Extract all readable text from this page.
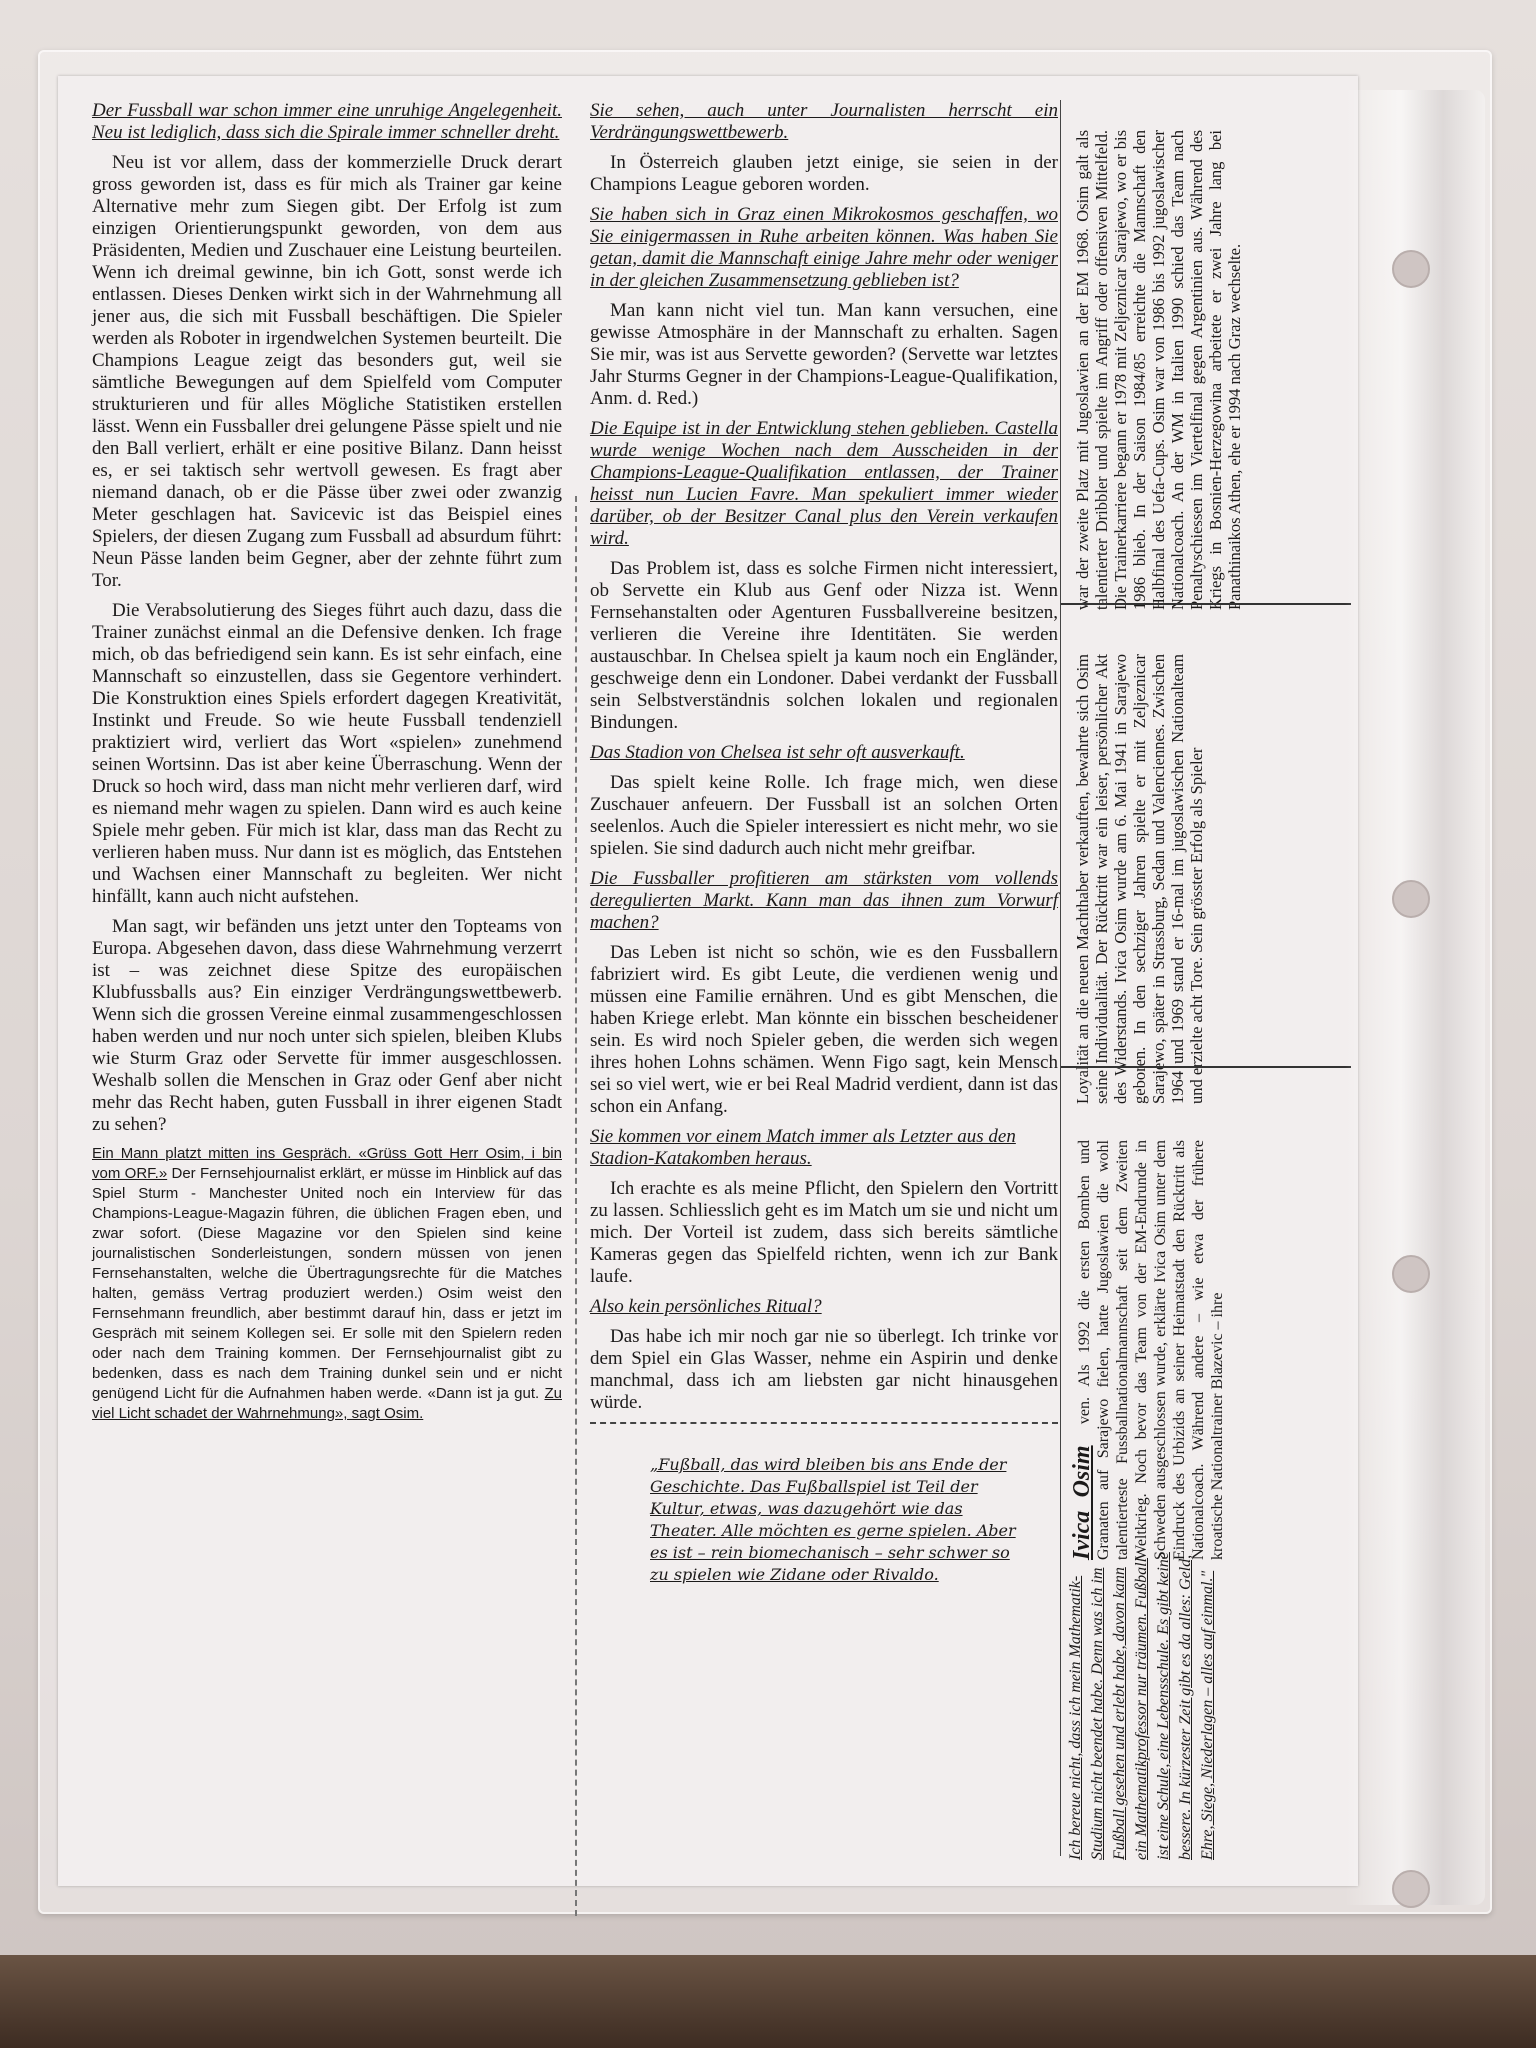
Der Fussball war schon immer eine unruhige Angelegenheit. Neu ist lediglich, dass sich die Spirale immer schneller dreht.

Neu ist vor allem, dass der kommerzielle Druck derart gross geworden ist, dass es für mich als Trainer gar keine Alternative mehr zum Siegen gibt. Der Erfolg ist zum einzigen Orientierungspunkt geworden, von dem aus Präsidenten, Medien und Zuschauer eine Leistung beurteilen. Wenn ich dreimal gewinne, bin ich Gott, sonst werde ich entlassen. Dieses Denken wirkt sich in der Wahrnehmung all jener aus, die sich mit Fussball beschäftigen. Die Spieler werden als Roboter in irgendwelchen Systemen beurteilt. Die Champions League zeigt das besonders gut, weil sie sämtliche Bewegungen auf dem Spielfeld vom Computer strukturieren und für alles Mögliche Statistiken erstellen lässt. Wenn ein Fussballer drei gelungene Pässe spielt und nie den Ball verliert, erhält er eine positive Bilanz. Dann heisst es, er sei taktisch sehr wertvoll gewesen. Es fragt aber niemand danach, ob er die Pässe über zwei oder zwanzig Meter geschlagen hat. Savicevic ist das Beispiel eines Spielers, der diesen Zugang zum Fussball ad absurdum führt: Neun Pässe landen beim Gegner, aber der zehnte führt zum Tor.

Die Verabsolutierung des Sieges führt auch dazu, dass die Trainer zunächst einmal an die Defensive denken. Ich frage mich, ob das befriedigend sein kann. Es ist sehr einfach, eine Mannschaft so einzustellen, dass sie Gegentore verhindert. Die Konstruktion eines Spiels erfordert dagegen Kreativität, Instinkt und Freude. So wie heute Fussball tendenziell praktiziert wird, verliert das Wort «spielen» zunehmend seinen Wortsinn. Das ist aber keine Überraschung. Wenn der Druck so hoch wird, dass man nicht mehr verlieren darf, wird es niemand mehr wagen zu spielen. Dann wird es auch keine Spiele mehr geben. Für mich ist klar, dass man das Recht zu verlieren haben muss. Nur dann ist es möglich, das Entstehen und Wachsen einer Mannschaft zu begleiten. Wer nicht hinfällt, kann auch nicht aufstehen.

Man sagt, wir befänden uns jetzt unter den Topteams von Europa. Abgesehen davon, dass diese Wahrnehmung verzerrt ist – was zeichnet diese Spitze des europäischen Klubfussballs aus? Ein einziger Verdrängungswettbewerb. Wenn sich die grossen Vereine einmal zusammengeschlossen haben werden und nur noch unter sich spielen, bleiben Klubs wie Sturm Graz oder Servette für immer ausgeschlossen. Weshalb sollen die Menschen in Graz oder Genf aber nicht mehr das Recht haben, guten Fussball in ihrer eigenen Stadt zu sehen?

Ein Mann platzt mitten ins Gespräch. «Grüss Gott Herr Osim, i bin vom ORF.» Der Fernsehjournalist erklärt, er müsse im Hinblick auf das Spiel Sturm - Manchester United noch ein Interview für das Champions-League-Magazin führen, die üblichen Fragen eben, und zwar sofort. (Diese Magazine vor den Spielen sind keine journalistischen Sonderleistungen, sondern müssen von jenen Fernsehanstalten, welche die Übertragungsrechte für die Matches halten, gemäss Vertrag produziert werden.) Osim weist den Fernsehmann freundlich, aber bestimmt darauf hin, dass er jetzt im Gespräch mit seinem Kollegen sei. Er solle mit den Spielern reden oder nach dem Training kommen. Der Fernsehjournalist gibt zu bedenken, dass es nach dem Training dunkel sein und er nicht genügend Licht für die Aufnahmen haben werde. «Dann ist ja gut. Zu viel Licht schadet der Wahrnehmung», sagt Osim.
Sie sehen, auch unter Journalisten herrscht ein Verdrängungswettbewerb.

In Österreich glauben jetzt einige, sie seien in der Champions League geboren worden.

Sie haben sich in Graz einen Mikrokosmos geschaffen, wo Sie einigermassen in Ruhe arbeiten können. Was haben Sie getan, damit die Mannschaft einige Jahre mehr oder weniger in der gleichen Zusammensetzung geblieben ist?

Man kann nicht viel tun. Man kann versuchen, eine gewisse Atmosphäre in der Mannschaft zu erhalten. Sagen Sie mir, was ist aus Servette geworden? (Servette war letztes Jahr Sturms Gegner in der Champions-League-Qualifikation, Anm. d. Red.)

Die Equipe ist in der Entwicklung stehen geblieben. Castella wurde wenige Wochen nach dem Ausscheiden in der Champions-League-Qualifikation entlassen, der Trainer heisst nun Lucien Favre. Man spekuliert immer wieder darüber, ob der Besitzer Canal plus den Verein verkaufen wird.

Das Problem ist, dass es solche Firmen nicht interessiert, ob Servette ein Klub aus Genf oder Nizza ist. Wenn Fernsehanstalten oder Agenturen Fussballvereine besitzen, verlieren die Vereine ihre Identitäten. Sie werden austauschbar. In Chelsea spielt ja kaum noch ein Engländer, geschweige denn ein Londoner. Dabei verdankt der Fussball sein Selbstverständnis solchen lokalen und regionalen Bindungen.

Das Stadion von Chelsea ist sehr oft ausverkauft.

Das spielt keine Rolle. Ich frage mich, wen diese Zuschauer anfeuern. Der Fussball ist an solchen Orten seelenlos. Auch die Spieler interessiert es nicht mehr, wo sie spielen. Sie sind dadurch auch nicht mehr greifbar.

Die Fussballer profitieren am stärksten vom vollends deregulierten Markt. Kann man das ihnen zum Vorwurf machen?

Das Leben ist nicht so schön, wie es den Fussballern fabriziert wird. Es gibt Leute, die verdienen wenig und müssen eine Familie ernähren. Und es gibt Menschen, die haben Kriege erlebt. Man könnte ein bisschen bescheidener sein. Es wird noch Spieler geben, die werden sich wegen ihres hohen Lohns schämen. Wenn Figo sagt, kein Mensch sei so viel wert, wie er bei Real Madrid verdient, dann ist das schon ein Anfang.

Sie kommen vor einem Match immer als Letzter aus den Stadion-Katakomben heraus.

Ich erachte es als meine Pflicht, den Spielern den Vortritt zu lassen. Schliesslich geht es im Match um sie und nicht um mich. Der Vorteil ist zudem, dass sich bereits sämtliche Kameras gegen das Spielfeld richten, wenn ich zur Bank laufe.

Also kein persönliches Ritual?

Das habe ich mir noch gar nie so überlegt. Ich trinke vor dem Spiel ein Glas Wasser, nehme ein Aspirin und denke manchmal, dass ich am liebsten gar nicht hinausgehen würde.

„Fußball, das wird bleiben bis ans Ende der Geschichte. Das Fußballspiel ist Teil der Kultur, etwas, was dazugehört wie das Theater. Alle möchten es gerne spielen. Aber es ist – rein biomechanisch – sehr schwer so zu spielen wie Zidane oder Rivaldo.
war der zweite Platz mit Jugoslawien an der EM 1968. Osim galt als talentierter Dribbler und spielte im Angriff oder offensiven Mittelfeld. Die Trainerkarriere begann er 1978 mit Zeljeznicar Sarajewo, wo er bis 1986 blieb. In der Saison 1984/85 erreichte die Mannschaft den Halbfinal des Uefa-Cups. Osim war von 1986 bis 1992 jugoslawischer Nationalcoach. An der WM in Italien 1990 schied das Team nach Penaltyschiessen im Viertelfinal gegen Argentinien aus. Während des Kriegs in Bosnien-Herzegowina arbeitete er zwei Jahre lang bei Panathinaikos Athen, ehe er 1994 nach Graz wechselte.
Loyalität an die neuen Machthaber verkauften, bewahrte sich Osim seine Individualität. Der Rücktritt war ein leiser, persönlicher Akt des Widerstands. Ivica Osim wurde am 6. Mai 1941 in Sarajewo geboren. In den sechziger Jahren spielte er mit Zeljeznicar Sarajewo, später in Strassburg, Sedan und Valenciennes. Zwischen 1964 und 1969 stand er 16-mal im jugoslawischen Nationalteam und erzielte acht Tore. Sein grösster Erfolg als Spieler
Ivica Osim ven. Als 1992 die ersten Bomben und Granaten auf Sarajewo fielen, hatte Jugoslawien die wohl talentierteste Fussballnationalmannschaft seit dem Zweiten Weltkrieg. Noch bevor das Team von der EM-Endrunde in Schweden ausgeschlossen wurde, erklärte Ivica Osim unter dem Eindruck des Urbizids an seiner Heimatstadt den Rücktritt als Nationalcoach. Während andere – wie etwa der frühere kroatische Nationaltrainer Blazevic – ihre
Ich bereue nicht, dass ich mein Mathematik-Studium nicht beendet habe. Denn was ich im Fußball gesehen und erlebt habe, davon kann ein Mathematikprofessor nur träumen. Fußball ist eine Schule, eine Lebensschule. Es gibt keine bessere. In kürzester Zeit gibt es da alles: Geld, Ehre, Siege, Niederlagen – alles auf einmal."
